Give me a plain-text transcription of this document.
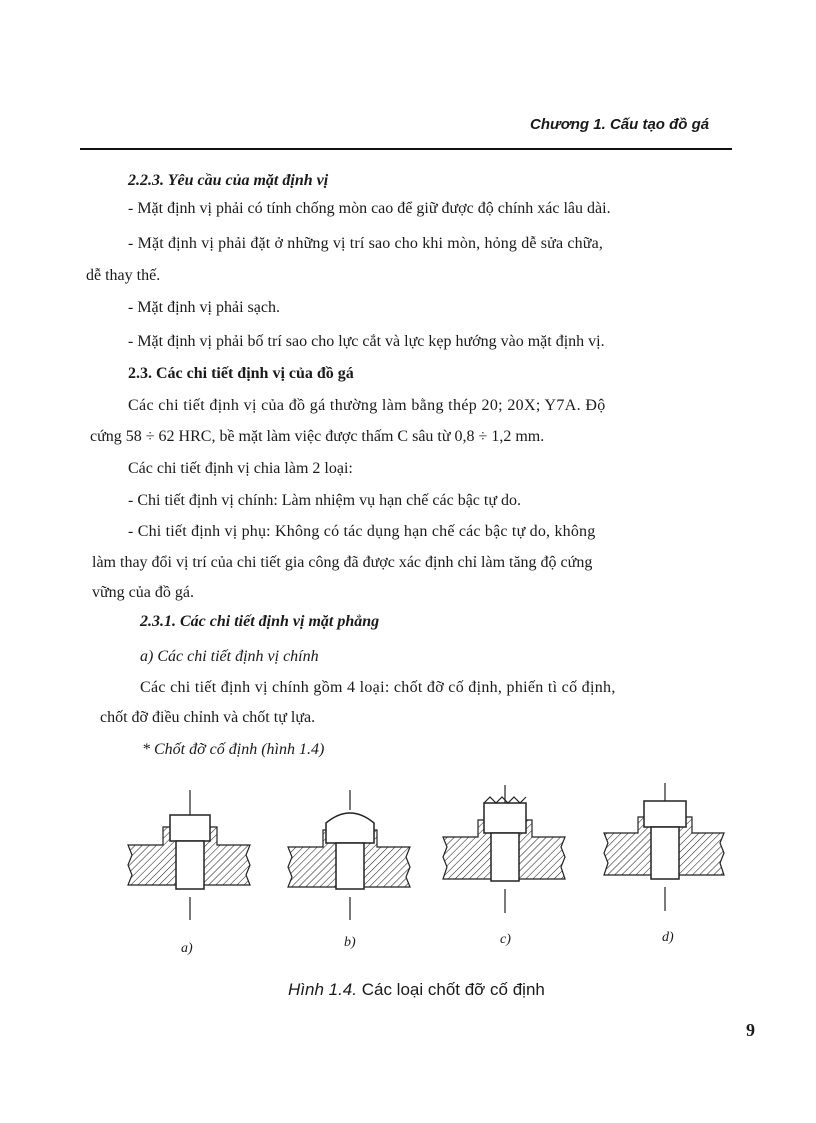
Chương 1. Cấu tạo đồ gá
2.2.3. Yêu cầu của mặt định vị
- Mặt định vị phải có tính chống mòn cao để giữ được độ chính xác lâu dài.
- Mặt định vị phải đặt ở những vị trí sao cho khi mòn, hỏng dễ sửa chữa,
dễ thay thế.
- Mặt định vị phải sạch.
- Mặt định vị phải bố trí sao cho lực cắt và lực kẹp hướng vào mặt định vị.
2.3. Các chi tiết định vị của đồ gá
Các chi tiết định vị của đồ gá thường làm bằng thép 20; 20X; Y7A. Độ
cứng 58 ÷ 62 HRC, bề mặt làm việc được thấm C sâu từ 0,8 ÷ 1,2 mm.
Các chi tiết định vị chia làm 2 loại:
- Chi tiết định vị chính: Làm nhiệm vụ hạn chế các bậc tự do.
- Chi tiết định vị phụ: Không có tác dụng hạn chế các bậc tự do, không
làm thay đổi vị trí của chi tiết gia công đã được xác định chỉ làm tăng độ cứng
vững của đồ gá.
2.3.1. Các chi tiết định vị mặt phẳng
a) Các chi tiết định vị chính
Các chi tiết định vị chính gồm 4 loại: chốt đỡ cố định, phiến tì cố định,
chốt đỡ điều chỉnh và chốt tự lựa.
* Chốt đỡ cố định (hình 1.4)
a)	b)	c)	d)
Hình 1.4. Các loại chốt đỡ cố định
9
